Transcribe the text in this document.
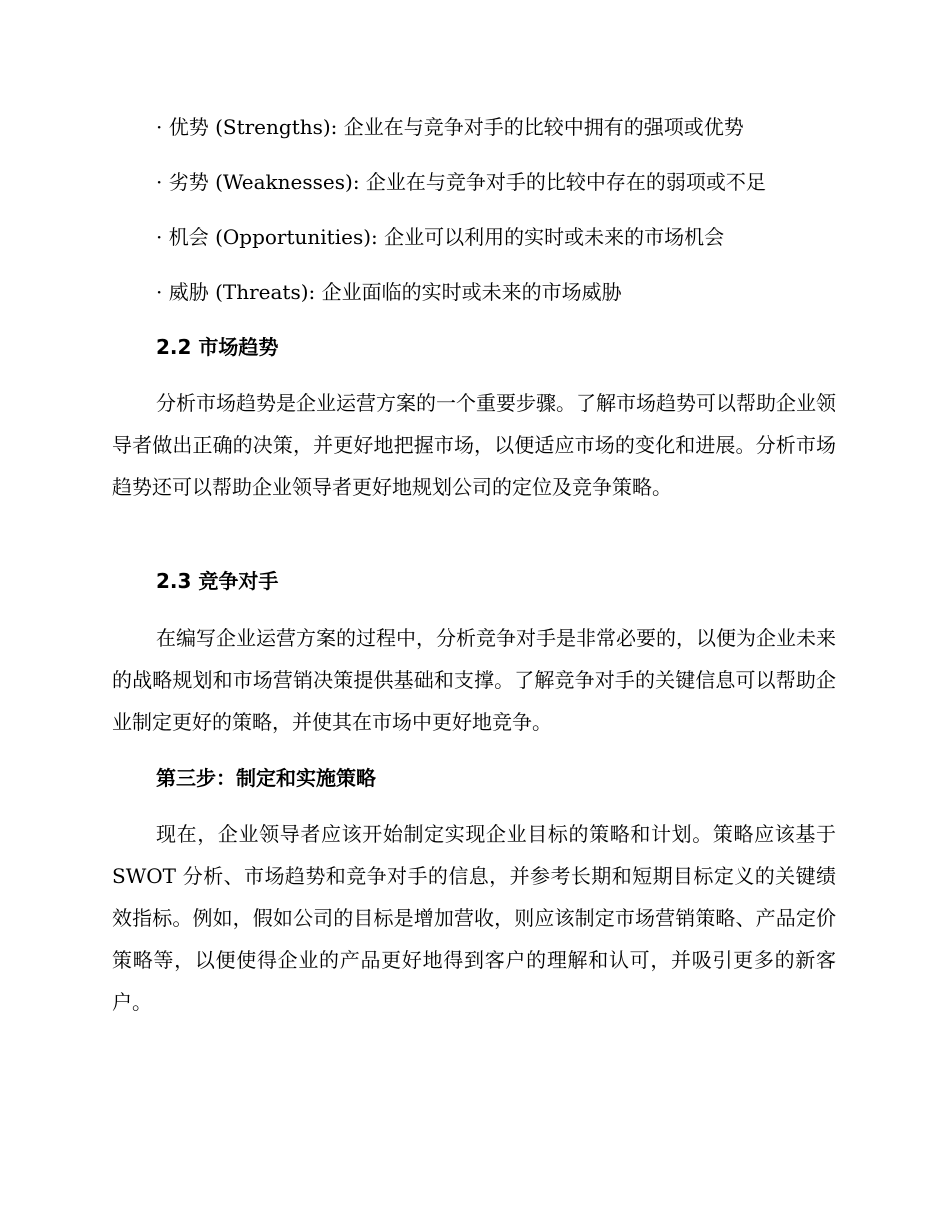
· 优势 (Strengths): 企业在与竞争对手的比较中拥有的强项或优势
· 劣势 (Weaknesses): 企业在与竞争对手的比较中存在的弱项或不足
· 机会 (Opportunities): 企业可以利用的实时或未来的市场机会
· 威胁 (Threats): 企业面临的实时或未来的市场威胁
2.2 市场趋势

分析市场趋势是企业运营方案的一个重要步骤。了解市场趋势可以帮助企业领导者做出正确的决策，并更好地把握市场，以便适应市场的变化和进展。分析市场趋势还可以帮助企业领导者更好地规划公司的定位及竞争策略。

2.3 竞争对手

在编写企业运营方案的过程中，分析竞争对手是非常必要的，以便为企业未来的战略规划和市场营销决策提供基础和支撑。了解竞争对手的关键信息可以帮助企业制定更好的策略，并使其在市场中更好地竞争。

第三步：制定和实施策略

现在，企业领导者应该开始制定实现企业目标的策略和计划。策略应该基于 SWOT 分析、市场趋势和竞争对手的信息，并参考长期和短期目标定义的关键绩效指标。例如，假如公司的目标是增加营收，则应该制定市场营销策略、产品定价策略等，以便使得企业的产品更好地得到客户的理解和认可，并吸引更多的新客户。
